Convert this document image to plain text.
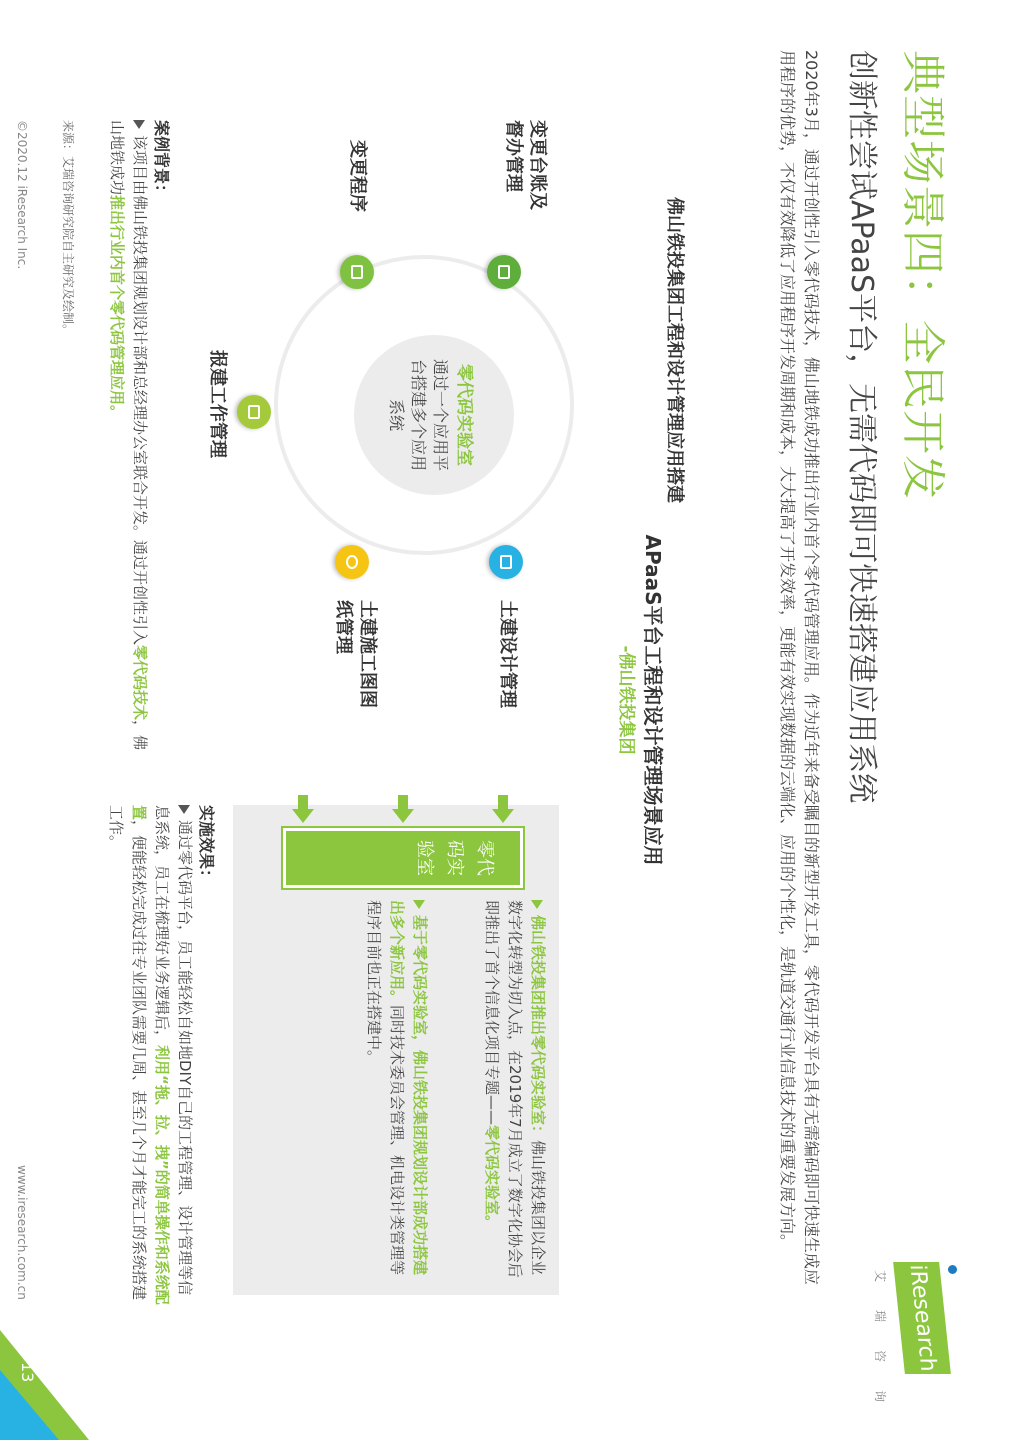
iResearch
艾瑞咨询
典型场景四：全民开发
创新性尝试APaaS平台，无需代码即可快速搭建应用系统
2020年3月，通过开创性引入零代码技术，佛山地铁成功推出行业内首个零代码管理应用。作为近年来备受瞩目的新型开发工具，零代码开发平台具有无需编码即可快速生成应用程序的优势，不仅有效降低了应用程序开发周期和成本，大大提高了开发效率，更能有效实现数据的云端化、应用的个性化，是轨道交通行业信息技术的重要发展方向。
佛山铁投集团工程和设计管理应用搭建
零代码实验室
通过一个应用平台搭建多个应用系统
变更台账及督办管理
变更程序
报建工作管理
土建施工图图纸管理	土建设计管理	APaaS平台工程和设计管理场景应用
-佛山铁投集团
零代码实验室
佛山铁投集团推出零代码实验室：佛山铁投集团以企业数字化转型为切入点，在2019年7月成立了数字化协会后即推出了首个信息化项目专题——零代码实验室。
基于零代码实验室，佛山铁投集团规划设计部成功搭建出多个新应用。同时技术委员会管理、机电设计类管理等程序目前也正在搭建中。
案例背景：
该项目由佛山铁投集团规划设计部和总经理办公室联合开发。通过开创性引入零代码技术，佛山地铁成功推出行业内首个零代码管理应用。
实施效果：
通过零代码平台，员工能轻松自如地DIY自己的工程管理、设计管理等信息系统，员工在梳理好业务逻辑后，利用“拖、拉、拽”的简单操作和系统配置，便能轻松完成过往专业团队需要几周、甚至几个月才能完工的系统搭建工作。
来源：艾瑞咨询研究院自主研究及绘制。
©2020.12 iResearch Inc.
www.iresearch.com.cn
13
